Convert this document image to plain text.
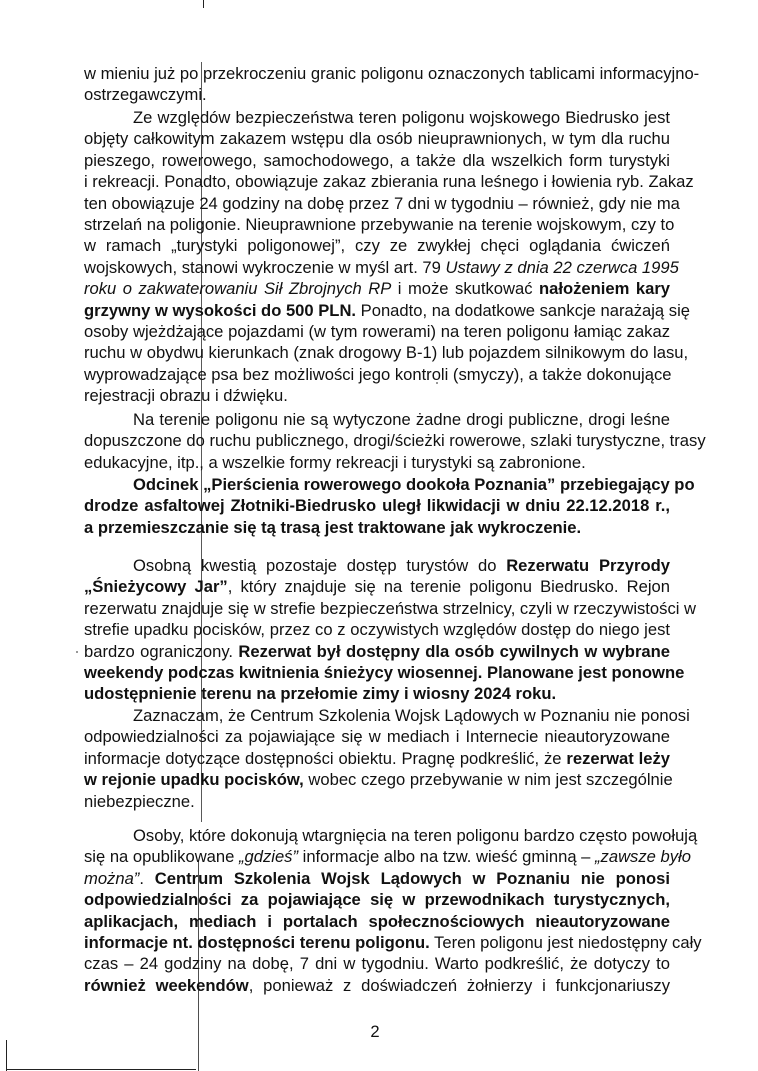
w mieniu już po przekroczeniu granic poligonu oznaczonych tablicami informacyjno-
ostrzegawczymi.
Ze względów bezpieczeństwa teren poligonu wojskowego Biedrusko jest
objęty całkowitym zakazem wstępu dla osób nieuprawnionych, w tym dla ruchu
pieszego, rowerowego, samochodowego, a także dla wszelkich form turystyki
i rekreacji. Ponadto, obowiązuje zakaz zbierania runa leśnego i łowienia ryb. Zakaz
ten obowiązuje 24 godziny na dobę przez 7 dni w tygodniu – również, gdy nie ma
strzelań na poligonie. Nieuprawnione przebywanie na terenie wojskowym, czy to
w ramach „turystyki poligonowej”, czy ze zwykłej chęci oglądania ćwiczeń
wojskowych, stanowi wykroczenie w myśl art. 79 Ustawy z dnia 22 czerwca 1995
roku o zakwaterowaniu Sił Zbrojnych RP i może skutkować nałożeniem kary
grzywny w wysokości do 500 PLN. Ponadto, na dodatkowe sankcje narażają się
osoby wjeżdżające pojazdami (w tym rowerami) na teren poligonu łamiąc zakaz
ruchu w obydwu kierunkach (znak drogowy B-1) lub pojazdem silnikowym do lasu,
wyprowadzające psa bez możliwości jego kontroli (smyczy), a także dokonujące
rejestracji obrazu i dźwięku.
Na terenie poligonu nie są wytyczone żadne drogi publiczne, drogi leśne
dopuszczone do ruchu publicznego, drogi/ścieżki rowerowe, szlaki turystyczne, trasy
edukacyjne, itp., a wszelkie formy rekreacji i turystyki są zabronione.
Odcinek „Pierścienia rowerowego dookoła Poznania” przebiegający po
drodze asfaltowej Złotniki-Biedrusko uległ likwidacji w dniu 22.12.2018 r.,
a przemieszczanie się tą trasą jest traktowane jak wykroczenie.
Osobną kwestią pozostaje dostęp turystów do Rezerwatu Przyrody
„Śnieżycowy Jar”, który znajduje się na terenie poligonu Biedrusko. Rejon
rezerwatu znajduje się w strefie bezpieczeństwa strzelnicy, czyli w rzeczywistości w
strefie upadku pocisków, przez co z oczywistych względów dostęp do niego jest
bardzo ograniczony. Rezerwat był dostępny dla osób cywilnych w wybrane
weekendy podczas kwitnienia śnieżycy wiosennej. Planowane jest ponowne
udostępnienie terenu na przełomie zimy i wiosny 2024 roku.
Zaznaczam, że Centrum Szkolenia Wojsk Lądowych w Poznaniu nie ponosi
odpowiedzialności za pojawiające się w mediach i Internecie nieautoryzowane
informacje dotyczące dostępności obiektu. Pragnę podkreślić, że rezerwat leży
w rejonie upadku pocisków, wobec czego przebywanie w nim jest szczególnie
niebezpieczne.
Osoby, które dokonują wtargnięcia na teren poligonu bardzo często powołują
się na opublikowane „gdzieś” informacje albo na tzw. wieść gminną – „zawsze było
można”. Centrum Szkolenia Wojsk Lądowych w Poznaniu nie ponosi
odpowiedzialności za pojawiające się w przewodnikach turystycznych,
aplikacjach, mediach i portalach społecznościowych nieautoryzowane
informacje nt. dostępności terenu poligonu. Teren poligonu jest niedostępny cały
czas – 24 godziny na dobę, 7 dni w tygodniu. Warto podkreślić, że dotyczy to
również weekendów, ponieważ z doświadczeń żołnierzy i funkcjonariuszy
2
